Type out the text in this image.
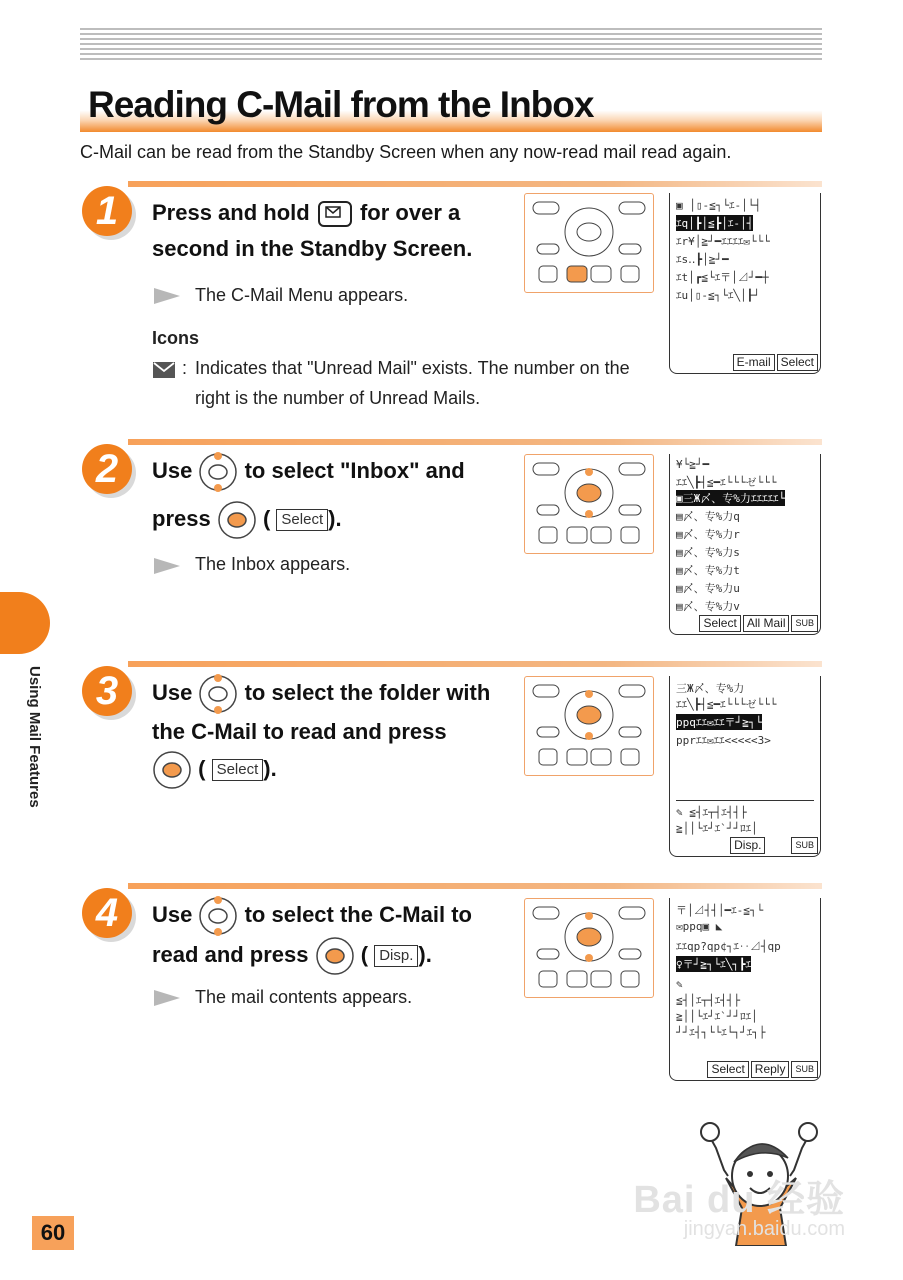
Reading C-Mail from the Inbox
C-Mail can be read from the Standby Screen when any now-read mail read again.
Using Mail Features
1	Press and hold for over a
second in the Standby Screen.
The C-Mail Menu appears.
Icons
: Indicates that "Unread Mail" exists. The number on the
right is the number of Unread Mails.
▣ │▯-≦┐└ｴ-│└┤
ｴq│┣│≦┣│ｴ-│┤
ｴr¥│≧┘━ｴｴｴｴ✉└└└
ｴs‥┣│≧┘━
ｴt│┏≦└ｴ〒│⊿┘━┼
ｴu│▯-≦┐└ｴ╲│┠┘
E-mail Select
2	Use to select "Inbox" and

press ( Select ).
The Inbox appears.
¥└≧┘━
ｴｴ╲┣┤≦━ｴ└└└ゼ└└└
▣三Ж〆、专%力ｴｴｴｴｴ└
▤〆、专%力q
▤〆、专%力r
▤〆、专%力s
▤〆、专%力t
▤〆、专%力u
▤〆、专%力v
Select All Mail	SUB
3	Use to select the folder with
the C-Mail to read and press
( Select ).
三Ж〆、专%力
ｴｴ╲┣┤≦━ｴ└└└ゼ└└└
ppqｴｴ✉ｴｴ〒┘≧┐└
pprｴｴ✉ｴｴ<<<<<3>
✎ ≦┤ｴ┬┤ｴ┤┤├
≧││└ｴ┘ｴ`┘┘ﾛｴ│
Disp.	SUB
4	Use to select the C-Mail to
read and press ( Disp. ).
The mail contents appears.
〒│⊿┤┤│━ｴ-≦┐└
✉ppq▣ ◣
ｴｴqp?qp¢┐ｴ‥⊿┤qp
♀〒┘≧┐└ｴ╲┐┣ｴ
✎
≦┤│ｴ┬┤ｴ┤┤├
≧││└ｴ┘ｴ`┘┘ﾛｴ│
┘┘ｴ┤┐└└ｴ└┐┘ｴ┐├
Select Reply	SUB
Bai du 经验
jingyan.baidu.com
60
